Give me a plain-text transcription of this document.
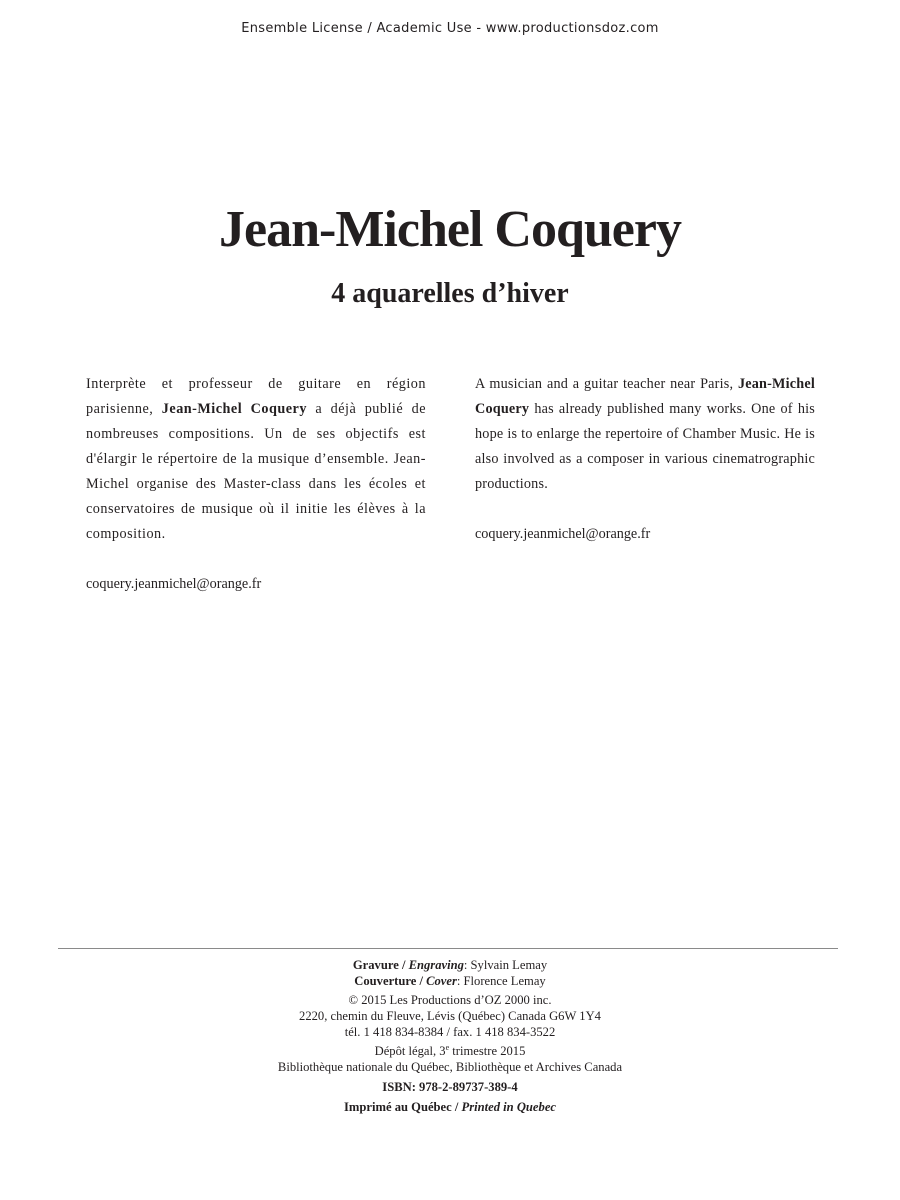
Ensemble License / Academic Use - www.productionsdoz.com
Jean-Michel Coquery
4 aquarelles d’hiver

Interprète et professeur de guitare en région parisienne, Jean-Michel Coquery a déjà publié de nombreuses compositions. Un de ses objectifs est d'élargir le répertoire de la musique d’ensemble. Jean-Michel organise des Master-class dans les écoles et conservatoires de musique où il initie les élèves à la composition.

coquery.jeanmichel@orange.fr

A musician and a guitar teacher near Paris, Jean-Michel Coquery has already published many works. One of his hope is to enlarge the repertoire of Chamber Music. He is also involved as a composer in various cinematrographic productions.

coquery.jeanmichel@orange.fr

Gravure / Engraving: Sylvain Lemay
Couverture / Cover: Florence Lemay
© 2015 Les Productions d’OZ 2000 inc.
2220, chemin du Fleuve, Lévis (Québec) Canada G6W 1Y4
tél. 1 418 834-8384 / fax. 1 418 834-3522
Dépôt légal, 3e trimestre 2015
Bibliothèque nationale du Québec, Bibliothèque et Archives Canada
ISBN: 978-2-89737-389-4
Imprimé au Québec / Printed in Quebec
